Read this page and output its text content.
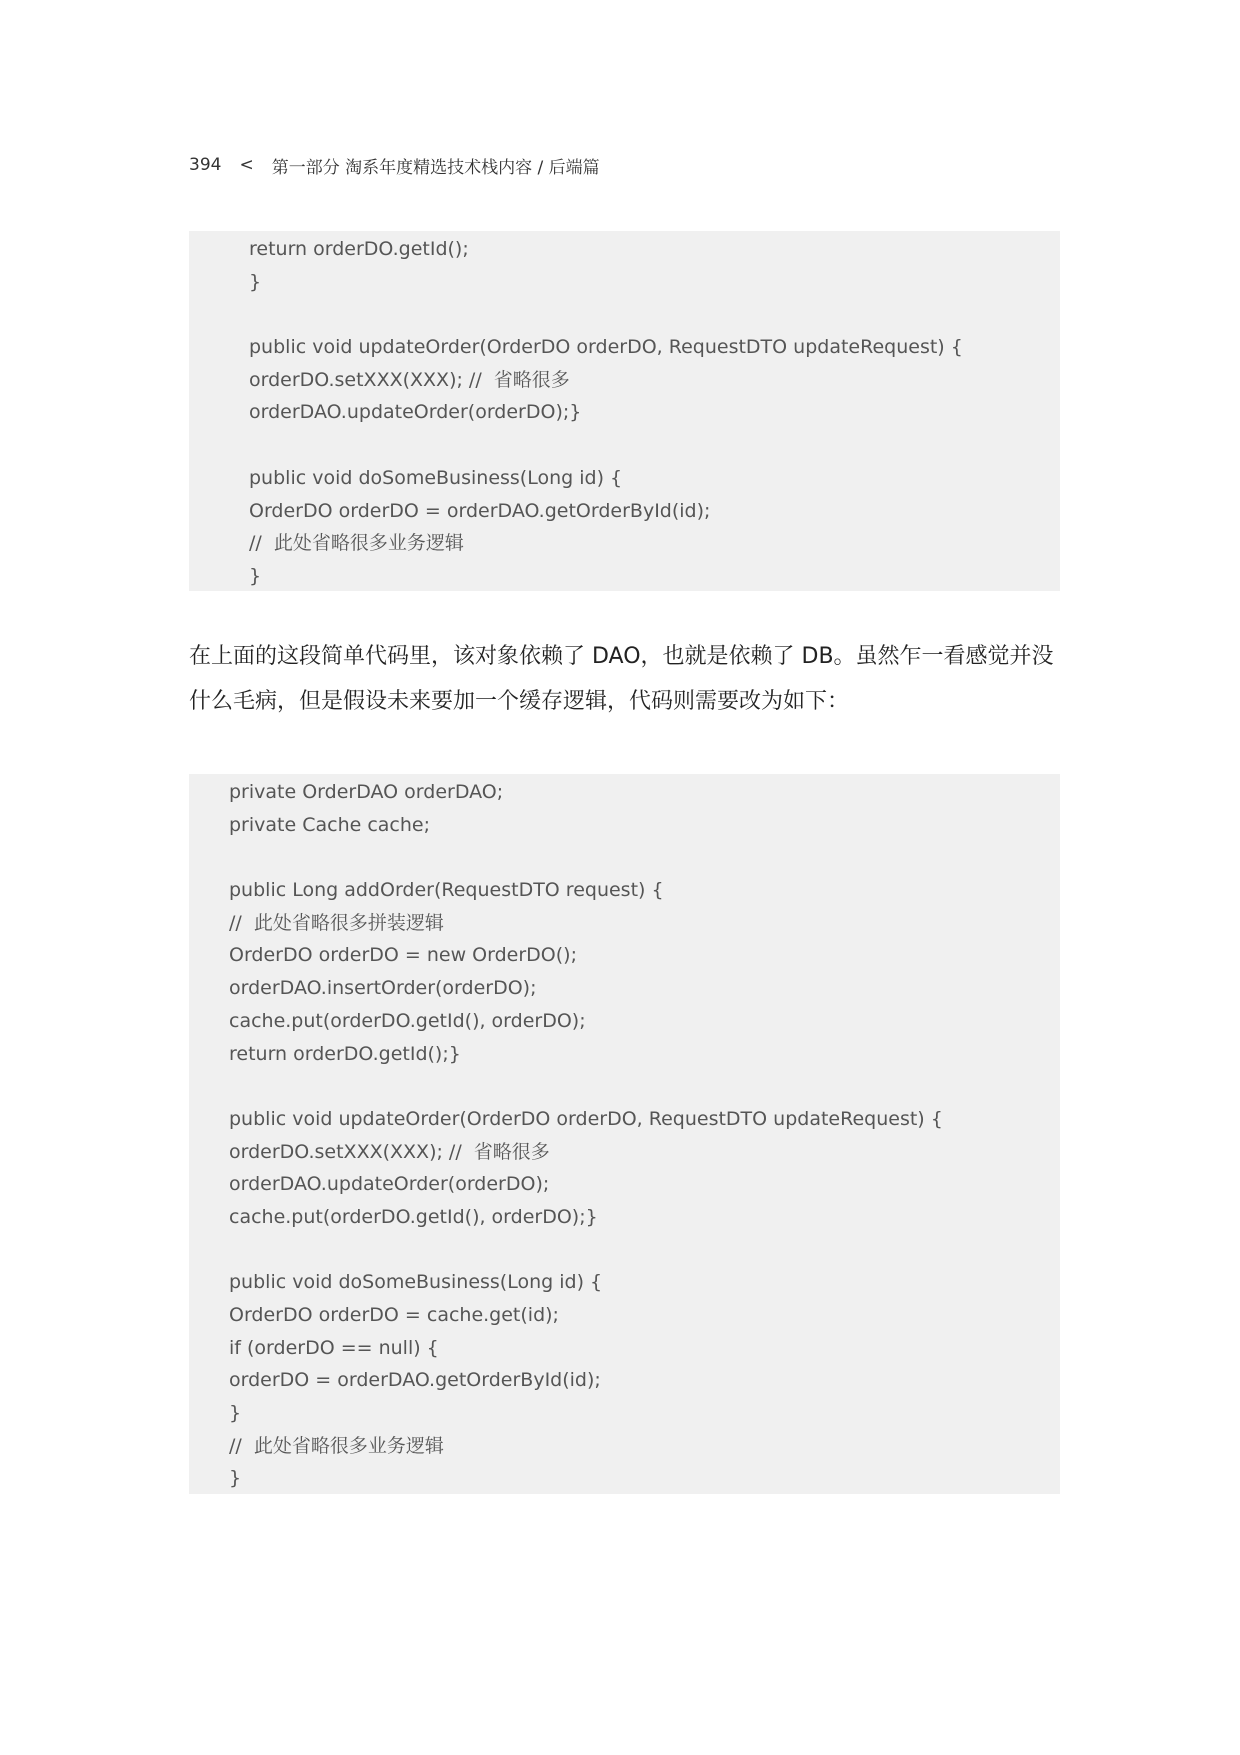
394 < 第一部分 淘系年度精选技术栈内容 / 后端篇
return orderDO.getId();
}
public void updateOrder(OrderDO orderDO, RequestDTO updateRequest) {
orderDO.setXXX(XXX); //  省略很多
orderDAO.updateOrder(orderDO);}
public void doSomeBusiness(Long id) {
OrderDO orderDO = orderDAO.getOrderById(id);
//  此处省略很多业务逻辑
}
在上面的这段简单代码里，该对象依赖了 DAO，也就是依赖了 DB。虽然乍一看感觉并没什么毛病，但是假设未来要加一个缓存逻辑，代码则需要改为如下：
private OrderDAO orderDAO;
private Cache cache;
public Long addOrder(RequestDTO request) {
//  此处省略很多拼装逻辑
OrderDO orderDO = new OrderDO();
orderDAO.insertOrder(orderDO);
cache.put(orderDO.getId(), orderDO);
return orderDO.getId();}
public void updateOrder(OrderDO orderDO, RequestDTO updateRequest) {
orderDO.setXXX(XXX); //  省略很多
orderDAO.updateOrder(orderDO);
cache.put(orderDO.getId(), orderDO);}
public void doSomeBusiness(Long id) {
OrderDO orderDO = cache.get(id);
if (orderDO == null) {
orderDO = orderDAO.getOrderById(id);
}
//  此处省略很多业务逻辑
}
